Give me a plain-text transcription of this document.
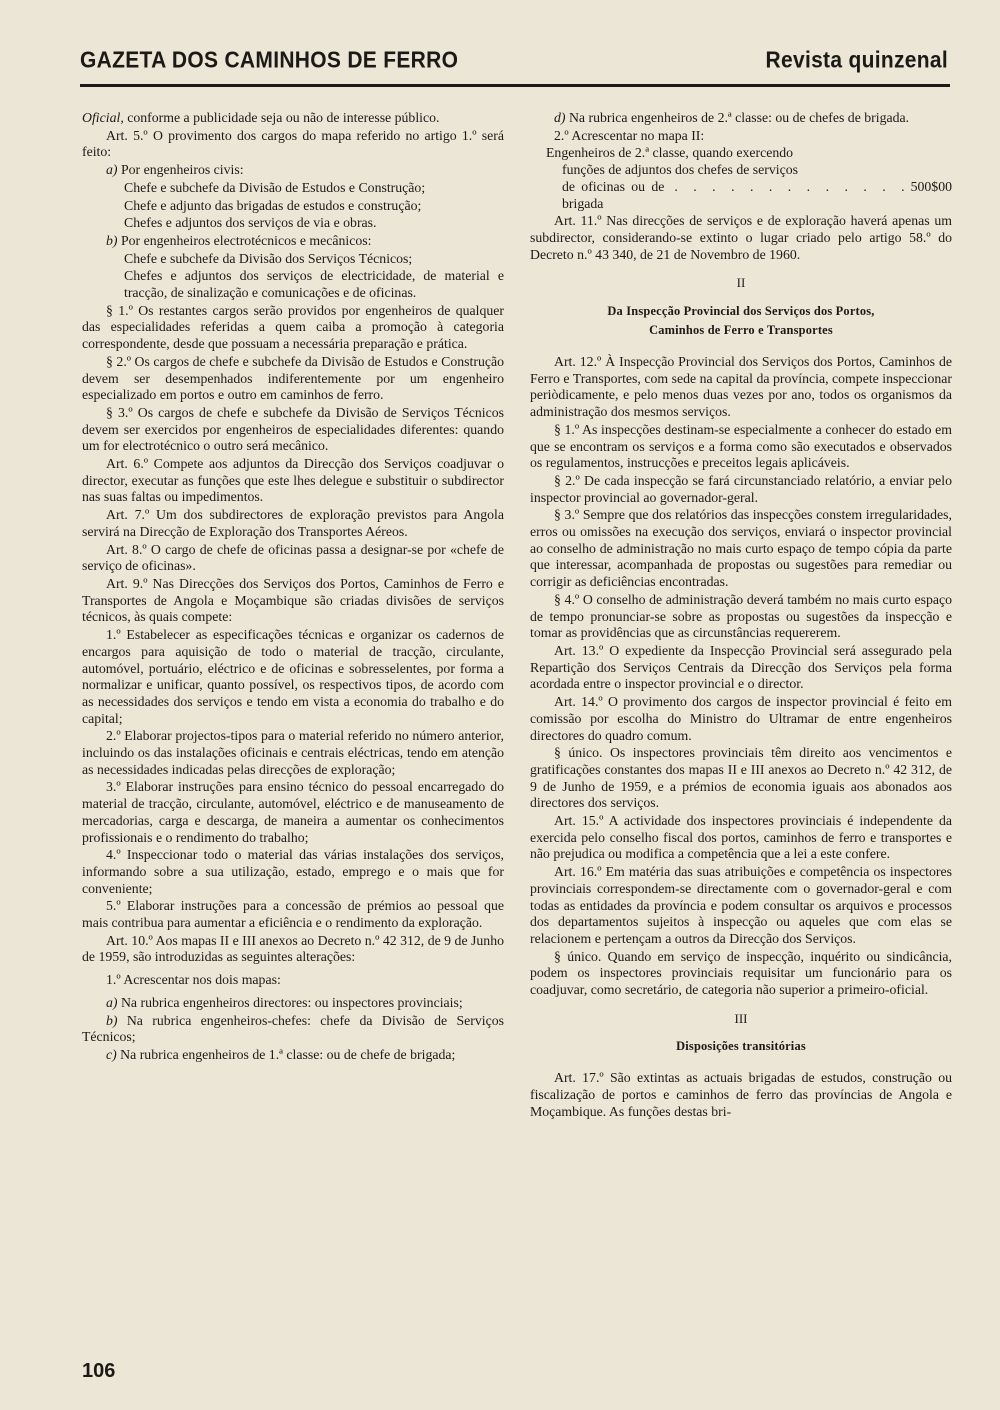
GAZETA DOS CAMINHOS DE FERRO	Revista quinzenal

Oficial, conforme a publicidade seja ou não de interesse público.

Art. 5.º O provimento dos cargos do mapa referido no artigo 1.º será feito:

a) Por engenheiros civis:

Chefe e subchefe da Divisão de Estudos e Construção;

Chefe e adjunto das brigadas de estudos e construção;

Chefes e adjuntos dos serviços de via e obras.

b) Por engenheiros electrotécnicos e mecânicos:

Chefe e subchefe da Divisão dos Serviços Técnicos;

Chefes e adjuntos dos serviços de electricidade, de material e tracção, de sinalização e comunicações e de oficinas.

§ 1.º Os restantes cargos serão providos por engenheiros de qualquer das especialidades referidas a quem caiba a promoção à categoria correspondente, desde que possuam a necessária preparação e prática.

§ 2.º Os cargos de chefe e subchefe da Divisão de Estudos e Construção devem ser desempenhados indiferentemente por um engenheiro especializado em portos e outro em caminhos de ferro.

§ 3.º Os cargos de chefe e subchefe da Divisão de Serviços Técnicos devem ser exercidos por engenheiros de especialidades diferentes: quando um for electrotécnico o outro será mecânico.

Art. 6.º Compete aos adjuntos da Direcção dos Serviços coadjuvar o director, executar as funções que este lhes delegue e substituir o subdirector nas suas faltas ou impedimentos.

Art. 7.º Um dos subdirectores de exploração previstos para Angola servirá na Direcção de Exploração dos Transportes Aéreos.

Art. 8.º O cargo de chefe de oficinas passa a designar-se por «chefe de serviço de oficinas».

Art. 9.º Nas Direcções dos Serviços dos Portos, Caminhos de Ferro e Transportes de Angola e Moçambique são criadas divisões de serviços técnicos, às quais compete:

1.º Estabelecer as especificações técnicas e organizar os cadernos de encargos para aquisição de todo o material de tracção, circulante, automóvel, portuário, eléctrico e de oficinas e sobresselentes, por forma a normalizar e unificar, quanto possível, os respectivos tipos, de acordo com as necessidades dos serviços e tendo em vista a economia do trabalho e do capital;

2.º Elaborar projectos-tipos para o material referido no número anterior, incluindo os das instalações oficinais e centrais eléctricas, tendo em atenção as necessidades indicadas pelas direcções de exploração;

3.º Elaborar instruções para ensino técnico do pessoal encarregado do material de tracção, circulante, automóvel, eléctrico e de manuseamento de mercadorias, carga e descarga, de maneira a aumentar os conhecimentos profissionais e o rendimento do trabalho;

4.º Inspeccionar todo o material das várias instalações dos serviços, informando sobre a sua utilização, estado, emprego e o mais que for conveniente;

5.º Elaborar instruções para a concessão de prémios ao pessoal que mais contribua para aumentar a eficiência e o rendimento da exploração.

Art. 10.º Aos mapas II e III anexos ao Decreto n.º 42 312, de 9 de Junho de 1959, são introduzidas as seguintes alterações:

1.º Acrescentar nos dois mapas:

a) Na rubrica engenheiros directores: ou inspectores provinciais;

b) Na rubrica engenheiros-chefes: chefe da Divisão de Serviços Técnicos;

c) Na rubrica engenheiros de 1.ª classe: ou de chefe de brigada;

d) Na rubrica engenheiros de 2.ª classe: ou de chefes de brigada.

2.º Acrescentar no mapa II:

Engenheiros de 2.ª classe, quando exercendo
funções de adjuntos dos chefes de serviços
de oficinas ou de brigada
. . . . . . . . . . . . . 500$00

Art. 11.º Nas direcções de serviços e de exploração haverá apenas um subdirector, considerando-se extinto o lugar criado pelo artigo 58.º do Decreto n.º 43 340, de 21 de Novembro de 1960.

II
Da Inspecção Provincial dos Serviços dos Portos,
Caminhos de Ferro e Transportes

Art. 12.º À Inspecção Provincial dos Serviços dos Portos, Caminhos de Ferro e Transportes, com sede na capital da província, compete inspeccionar periòdicamente, e pelo menos duas vezes por ano, todos os organismos da administração dos mesmos serviços.

§ 1.º As inspecções destinam-se especialmente a conhecer do estado em que se encontram os serviços e a forma como são executados e observados os regulamentos, instrucções e preceitos legais aplicáveis.

§ 2.º De cada inspecção se fará circunstanciado relatório, a enviar pelo inspector provincial ao governador-geral.

§ 3.º Sempre que dos relatórios das inspecções constem irregularidades, erros ou omissões na execução dos serviços, enviará o inspector provincial ao conselho de administração no mais curto espaço de tempo cópia da parte que interessar, acompanhada de propostas ou sugestões para remediar ou corrigir as deficiências encontradas.

§ 4.º O conselho de administração deverá também no mais curto espaço de tempo pronunciar-se sobre as propostas ou sugestões da inspecção e tomar as providências que as circunstâncias requererem.

Art. 13.º O expediente da Inspecção Provincial será assegurado pela Repartição dos Serviços Centrais da Direcção dos Serviços pela forma acordada entre o inspector provincial e o director.

Art. 14.º O provimento dos cargos de inspector provincial é feito em comissão por escolha do Ministro do Ultramar de entre engenheiros directores do quadro comum.

§ único. Os inspectores provinciais têm direito aos vencimentos e gratificações constantes dos mapas II e III anexos ao Decreto n.º 42 312, de 9 de Junho de 1959, e a prémios de economia iguais aos abonados aos directores dos serviços.

Art. 15.º A actividade dos inspectores provinciais é independente da exercida pelo conselho fiscal dos portos, caminhos de ferro e transportes e não prejudica ou modifica a competência que a lei a este confere.

Art. 16.º Em matéria das suas atribuições e competência os inspectores provinciais correspondem-se directamente com o governador-geral e com todas as entidades da província e podem consultar os arquivos e processos dos departamentos sujeitos à inspecção ou aqueles que com elas se relacionem e pertençam a outros da Direcção dos Serviços.

§ único. Quando em serviço de inspecção, inquérito ou sindicância, podem os inspectores provinciais requisitar um funcionário para os coadjuvar, como secretário, de categoria não superior a primeiro-oficial.

III
Disposições transitórias

Art. 17.º São extintas as actuais brigadas de estudos, construção ou fiscalização de portos e caminhos de ferro das províncias de Angola e Moçambique. As funções destas bri-

106
